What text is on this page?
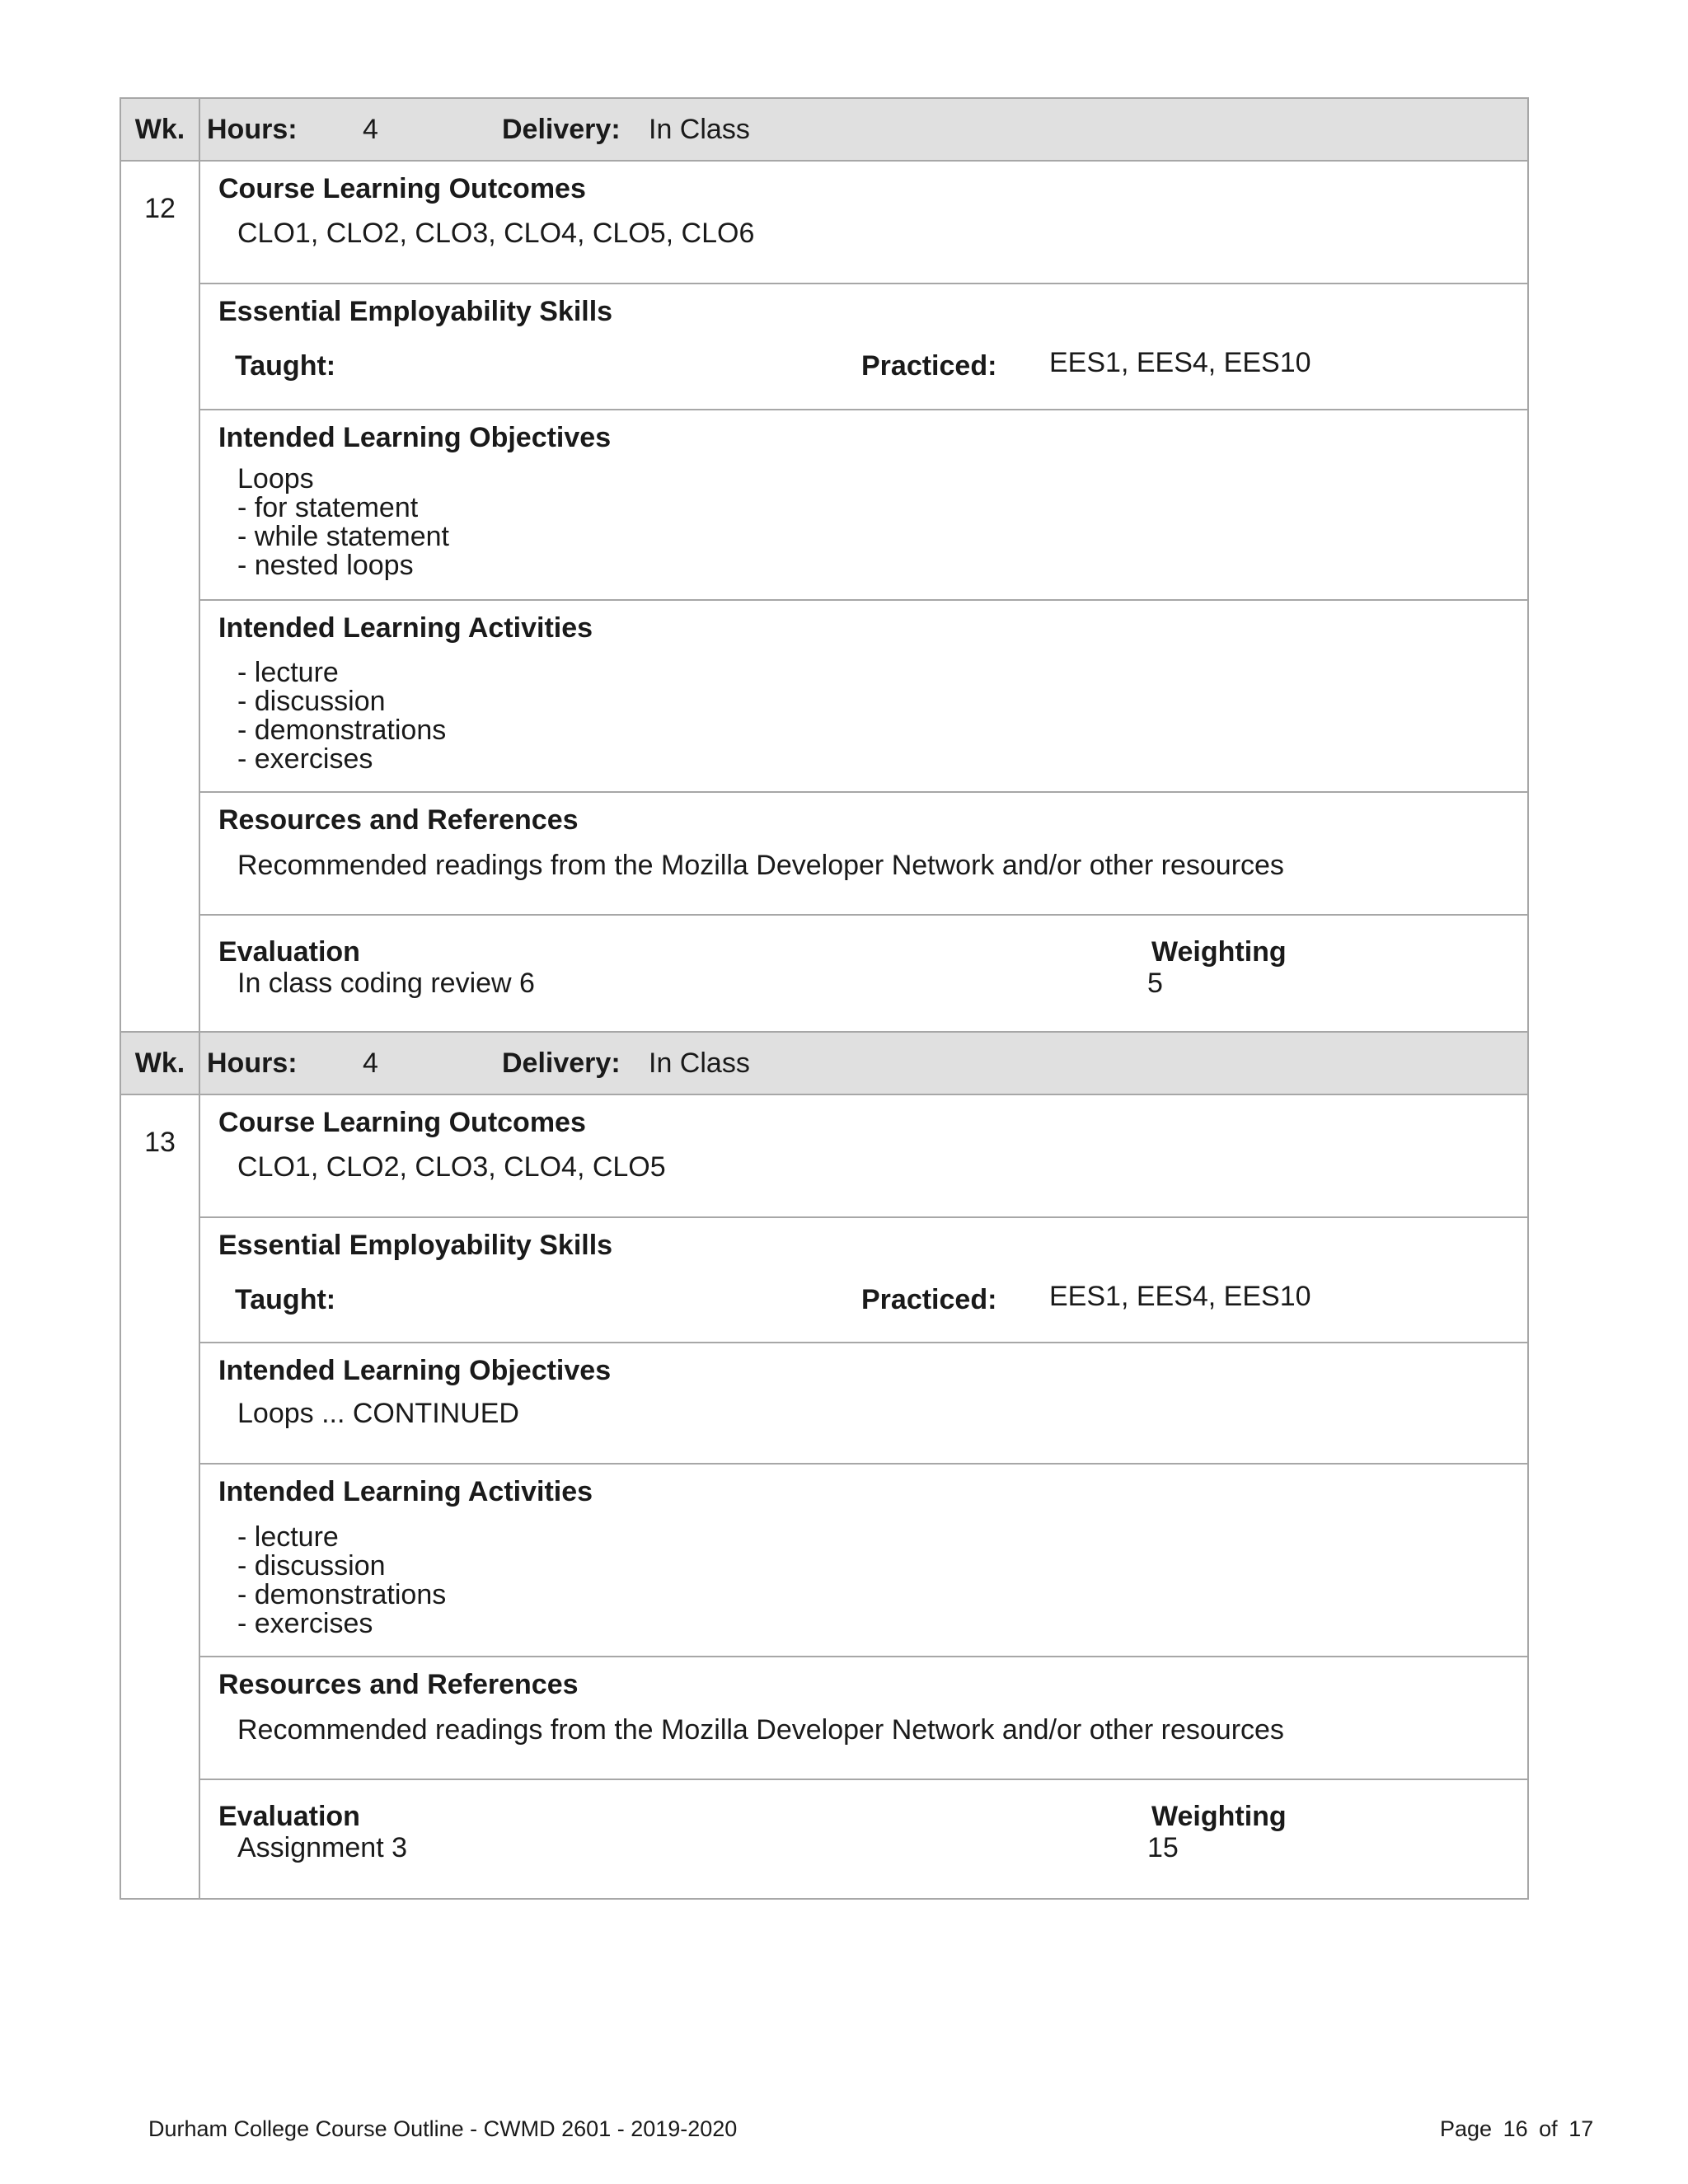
Wk. Hours: 4	Delivery: In Class
12
Course Learning Outcomes
CLO1, CLO2, CLO3, CLO4, CLO5, CLO6
Essential Employability Skills
Taught:	Practiced: EES1, EES4, EES10
Intended Learning Objectives
Loops
- for statement
- while statement
- nested loops
Intended Learning Activities
- lecture
- discussion
- demonstrations
- exercises
Resources and References
Recommended readings from the Mozilla Developer Network and/or other resources
Evaluation
In class coding review 6
Weighting
5
Wk. Hours: 4	Delivery: In Class
13
Course Learning Outcomes
CLO1, CLO2, CLO3, CLO4, CLO5
Essential Employability Skills
Taught:	Practiced: EES1, EES4, EES10
Intended Learning Objectives
Loops ... CONTINUED
Intended Learning Activities
- lecture
- discussion
- demonstrations
- exercises
Resources and References
Recommended readings from the Mozilla Developer Network and/or other resources
Evaluation
Assignment 3
Weighting
15
Durham College Course Outline - CWMD 2601 - 2019-2020	Page 16 of 17
